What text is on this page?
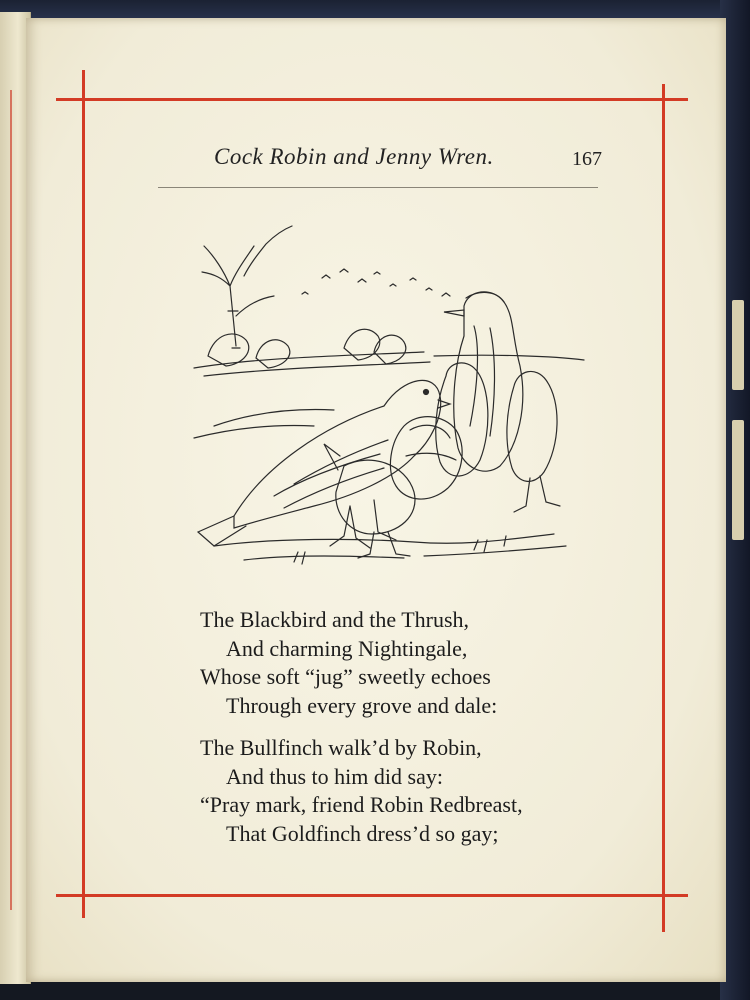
Cock Robin and Jenny Wren.	167
The Blackbird and the Thrush,
And charming Nightingale,
Whose soft “jug” sweetly echoes
Through every grove and dale:
The Bullfinch walk’d by Robin,
And thus to him did say:
“Pray mark, friend Robin Redbreast,
That Goldfinch dress’d so gay;
